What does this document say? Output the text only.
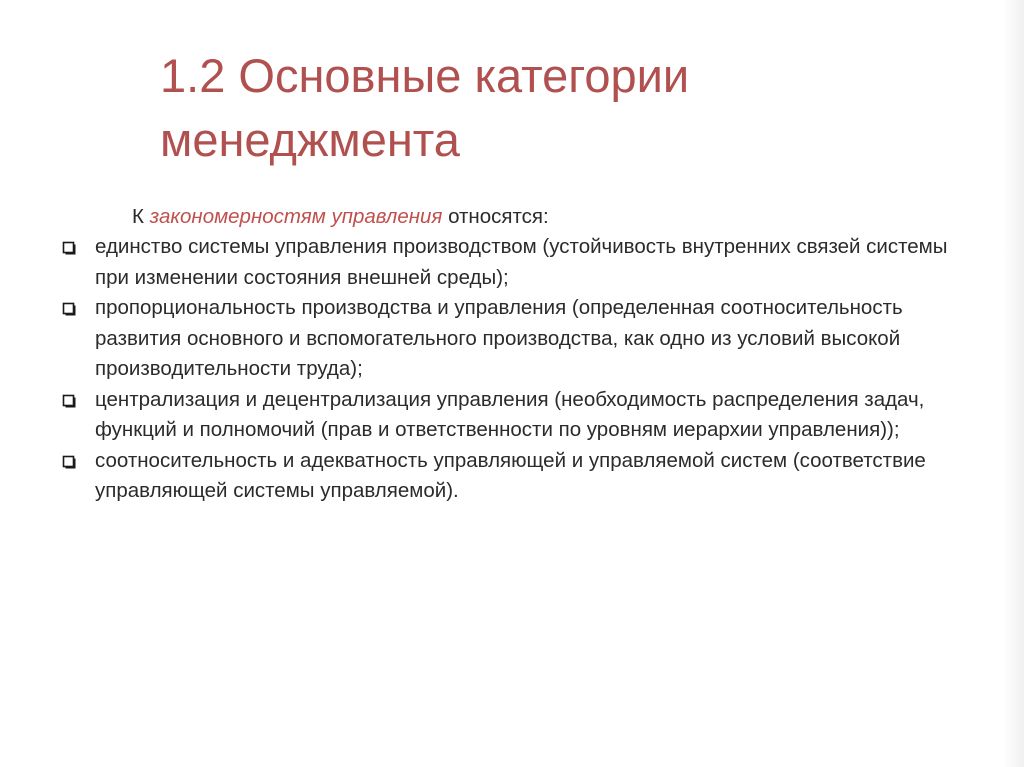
1.2 Основные категории менеджмента
К закономерностям управления относятся:
единство системы управления производством (устойчивость внутренних связей системы при изменении состояния внешней среды);
пропорциональность производства и управления (определенная соотносительность развития основного и вспомогательного производства, как одно из условий высокой производительности труда);
централизация и децентрализация управления (необходимость распределения задач, функций и полномочий (прав и ответственности по уровням иерархии управления));
соотносительность и адекватность управляющей и управляемой систем (соответствие управляющей системы управляемой).
